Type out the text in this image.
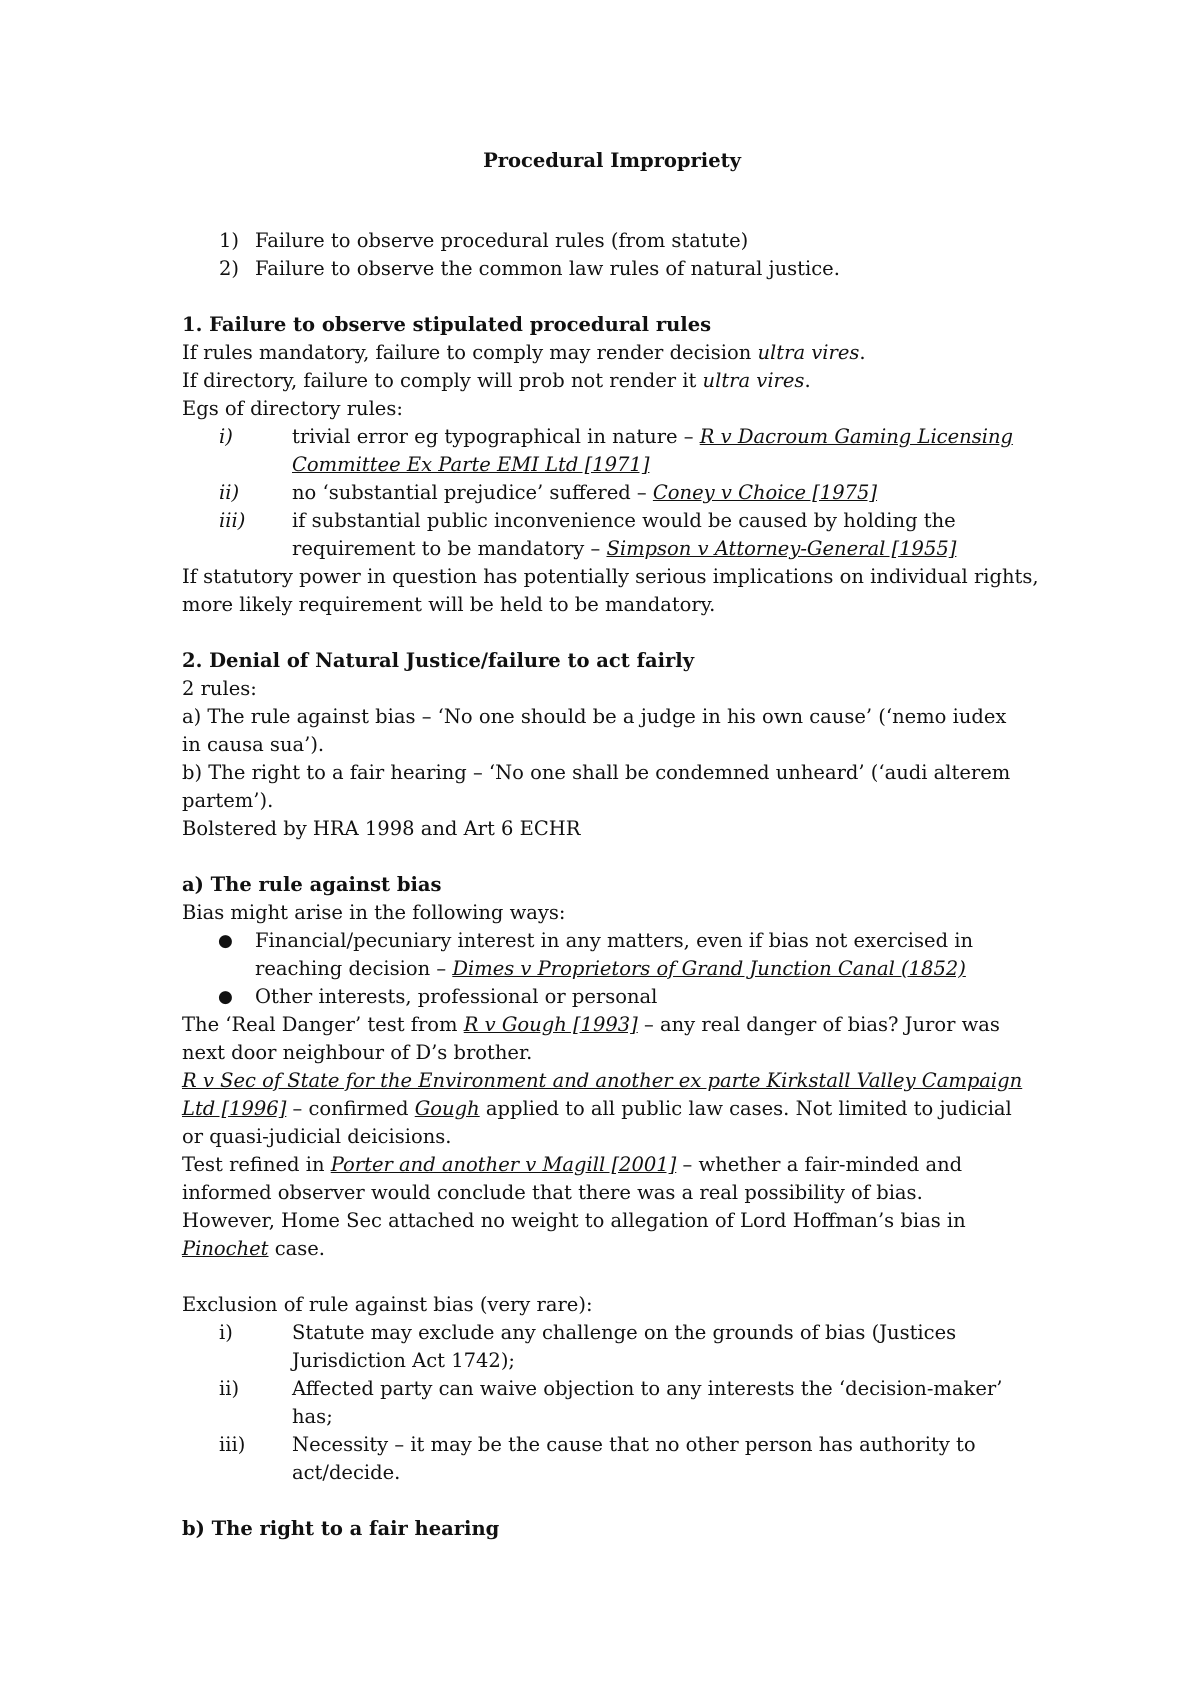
Procedural Impropriety
1) Failure to observe procedural rules (from statute)
2) Failure to observe the common law rules of natural justice.
1. Failure to observe stipulated procedural rules
If rules mandatory, failure to comply may render decision ultra vires.
If directory, failure to comply will prob not render it ultra vires.
Egs of directory rules:
i)	trivial error eg typographical in nature – R v Dacroum Gaming Licensing
Committee Ex Parte EMI Ltd [1971]
ii)	no ‘substantial prejudice’ suffered – Coney v Choice [1975]
iii) if substantial public inconvenience would be caused by holding the
requirement to be mandatory – Simpson v Attorney-General [1955]
If statutory power in question has potentially serious implications on individual rights,
more likely requirement will be held to be mandatory.
2. Denial of Natural Justice/failure to act fairly
2 rules:
a) The rule against bias – ‘No one should be a judge in his own cause’ (‘nemo iudex
in causa sua’).
b) The right to a fair hearing – ‘No one shall be condemned unheard’ (‘audi alterem
partem’).
Bolstered by HRA 1998 and Art 6 ECHR
a) The rule against bias
Bias might arise in the following ways:
● Financial/pecuniary interest in any matters, even if bias not exercised in
reaching decision – Dimes v Proprietors of Grand Junction Canal (1852)
● Other interests, professional or personal
The ‘Real Danger’ test from R v Gough [1993] – any real danger of bias? Juror was
next door neighbour of D’s brother.
R v Sec of State for the Environment and another ex parte Kirkstall Valley Campaign
Ltd [1996] – confirmed Gough applied to all public law cases. Not limited to judicial
or quasi-judicial deicisions.
Test refined in Porter and another v Magill [2001] – whether a fair-minded and
informed observer would conclude that there was a real possibility of bias.
However, Home Sec attached no weight to allegation of Lord Hoffman’s bias in
Pinochet case.
Exclusion of rule against bias (very rare):
i)	Statute may exclude any challenge on the grounds of bias (Justices
Jurisdiction Act 1742);
ii)	Affected party can waive objection to any interests the ‘decision-maker’
has;
iii) Necessity – it may be the cause that no other person has authority to
act/decide.
b) The right to a fair hearing
